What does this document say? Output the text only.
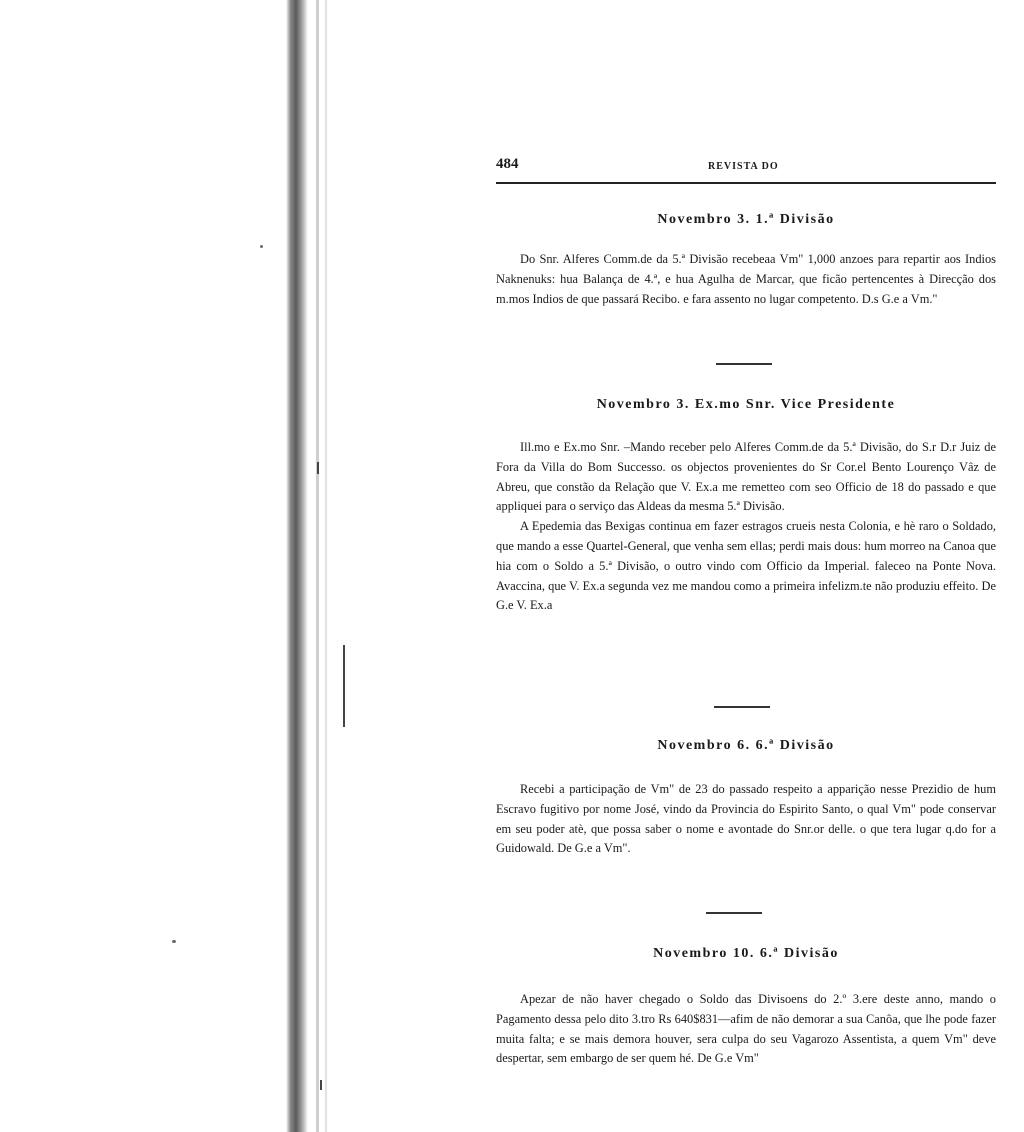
484	REVISTA DO
Novembro 3. 1.ª Divisão

Do Snr. Alferes Comm.de da 5.ª Divisão recebeaa Vm" 1,000 anzoes para repartir aos Indios Naknenuks: hua Balança de 4.ª, e hua Agulha de Marcar, que ficão pertencentes à Direcção dos m.mos Indios de que passará Recibo. e fara assento no lugar competento. D.s G.e a Vm."

Novembro 3. Ex.mo Snr. Vice Presidente

Ill.mo e Ex.mo Snr. –Mando receber pelo Alferes Comm.de da 5.ª Divisão, do S.r D.r Juiz de Fora da Villa do Bom Successo. os objectos provenientes do Sr Cor.el Bento Lourenço Vâz de Abreu, que constão da Relação que V. Ex.a me remetteo com seo Officio de 18 do passado e que appliquei para o serviço das Aldeas da mesma 5.ª Divisão.

A Epedemia das Bexigas continua em fazer estragos crueis nesta Colonia, e hè raro o Soldado, que mando a esse Quartel-General, que venha sem ellas; perdi mais dous: hum morreo na Canoa que hia com o Soldo a 5.ª Divisão, o outro vindo com Officio da Imperial. faleceo na Ponte Nova. Avaccina, que V. Ex.a segunda vez me mandou como a primeira infelizm.te não produziu effeito. De G.e V. Ex.a

Novembro 6. 6.ª Divisão

Recebi a participação de Vm" de 23 do passado respeito a apparição nesse Prezidio de hum Escravo fugitivo por nome José, vindo da Provincia do Espirito Santo, o qual Vm" pode conservar em seu poder atè, que possa saber o nome e avontade do Snr.or delle. o que tera lugar q.do for a Guidowald. De G.e a Vm".

Novembro 10. 6.ª Divisão

Apezar de não haver chegado o Soldo das Divisoens do 2.º 3.ere deste anno, mando o Pagamento dessa pelo dito 3.tro Rs 640$831—afim de não demorar a sua Canôa, que lhe pode fazer muita falta; e se mais demora houver, sera culpa do seu Vagarozo Assentista, a quem Vm" deve despertar, sem embargo de ser quem hé. De G.e Vm"
